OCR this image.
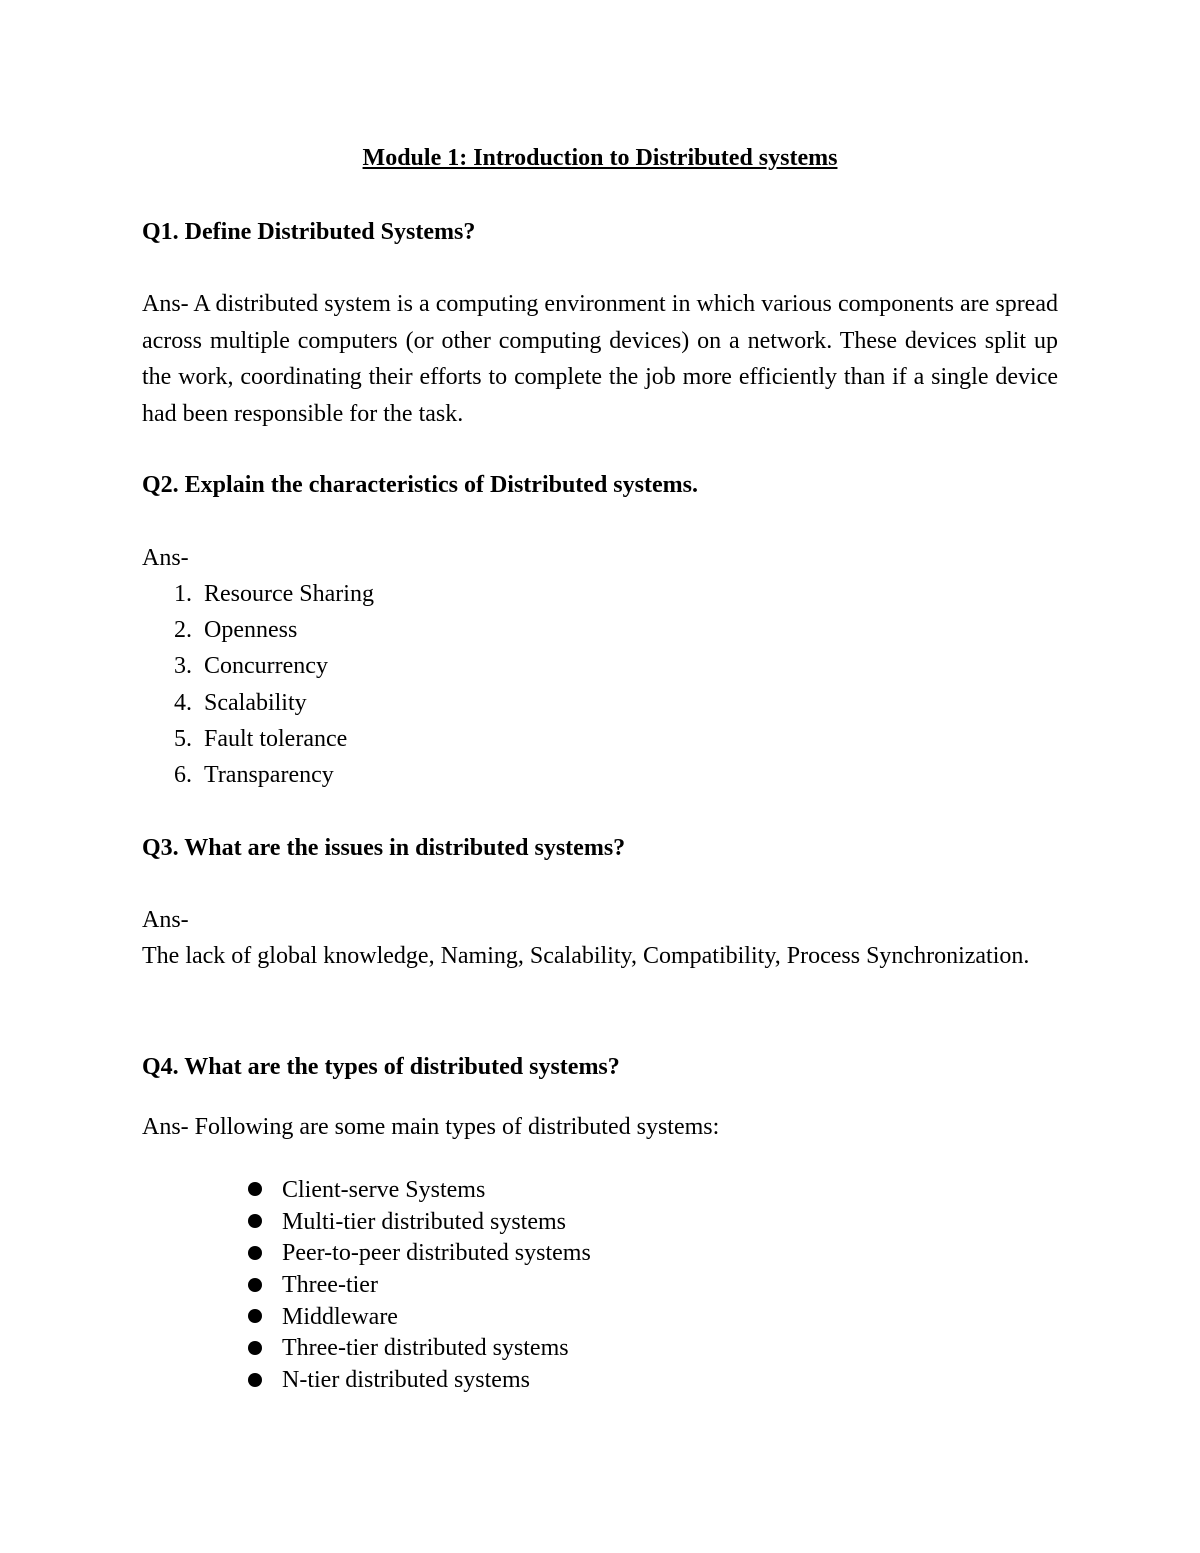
Module 1: Introduction to Distributed systems

Q1. Define Distributed Systems?

Ans- A distributed system is a computing environment in which various components are spread across multiple computers (or other computing devices) on a network. These devices split up the work, coordinating their efforts to complete the job more efficiently than if a single device had been responsible for the task.

Q2. Explain the characteristics of Distributed systems.

Ans-

1. Resource Sharing
2. Openness
3. Concurrency
4. Scalability
5. Fault tolerance
6. Transparency

Q3. What are the issues in distributed systems?

Ans-

The lack of global knowledge, Naming, Scalability, Compatibility, Process Synchronization.

Q4. What are the types of distributed systems?

Ans- Following are some main types of distributed systems:

Client-serve Systems
Multi-tier distributed systems
Peer-to-peer distributed systems
Three-tier
Middleware
Three-tier distributed systems
N-tier distributed systems
